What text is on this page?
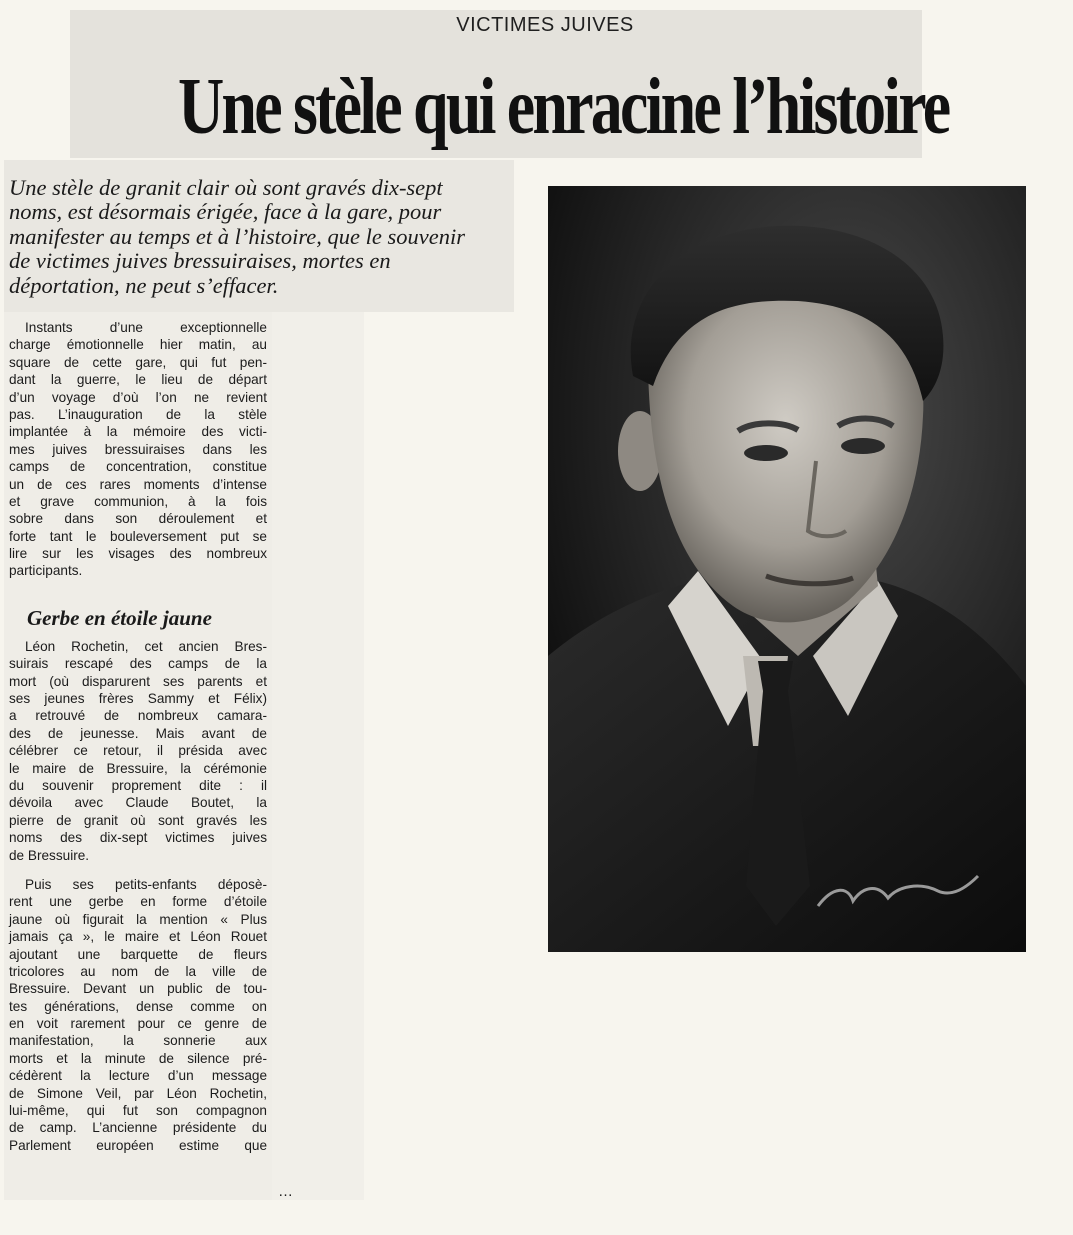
VICTIMES JUIVES
Une stèle qui enracine l’histoire
Une stèle de granit clair où sont gravés dix-sept
noms, est désormais érigée, face à la gare, pour
manifester au temps et à l’histoire, que le souvenir
de victimes juives bressuiraises, mortes en
déportation, ne peut s’effacer.
Instants d’une exceptionnelle
charge émotionnelle hier matin, au
square de cette gare, qui fut pen-
dant la guerre, le lieu de départ
d’un voyage d’où l’on ne revient
pas. L’inauguration de la stèle
implantée à la mémoire des victi-
mes juives bressuiraises dans les
camps de concentration, constitue
un de ces rares moments d’intense
et grave communion, à la fois
sobre dans son déroulement et
forte tant le bouleversement put se
lire sur les visages des nombreux
participants.
Gerbe en étoile jaune
Léon Rochetin, cet ancien Bres-
suirais rescapé des camps de la
mort (où disparurent ses parents et
ses jeunes frères Sammy et Félix)
a retrouvé de nombreux camara-
des de jeunesse. Mais avant de
célébrer ce retour, il présida avec
le maire de Bressuire, la cérémonie
du souvenir proprement dite : il
dévoila avec Claude Boutet, la
pierre de granit où sont gravés les
noms des dix-sept victimes juives
de Bressuire.
Puis ses petits-enfants déposè-
rent une gerbe en forme d’étoile
jaune où figurait la mention « Plus
jamais ça », le maire et Léon Rouet
ajoutant une barquette de fleurs
tricolores au nom de la ville de
Bressuire. Devant un public de tou-
tes générations, dense comme on
en voit rarement pour ce genre de
manifestation, la sonnerie aux
morts et la minute de silence pré-
cédèrent la lecture d’un message
de Simone Veil, par Léon Rochetin,
lui-même, qui fut son compagnon
de camp. L’ancienne présidente du
Parlement européen estime que
…
